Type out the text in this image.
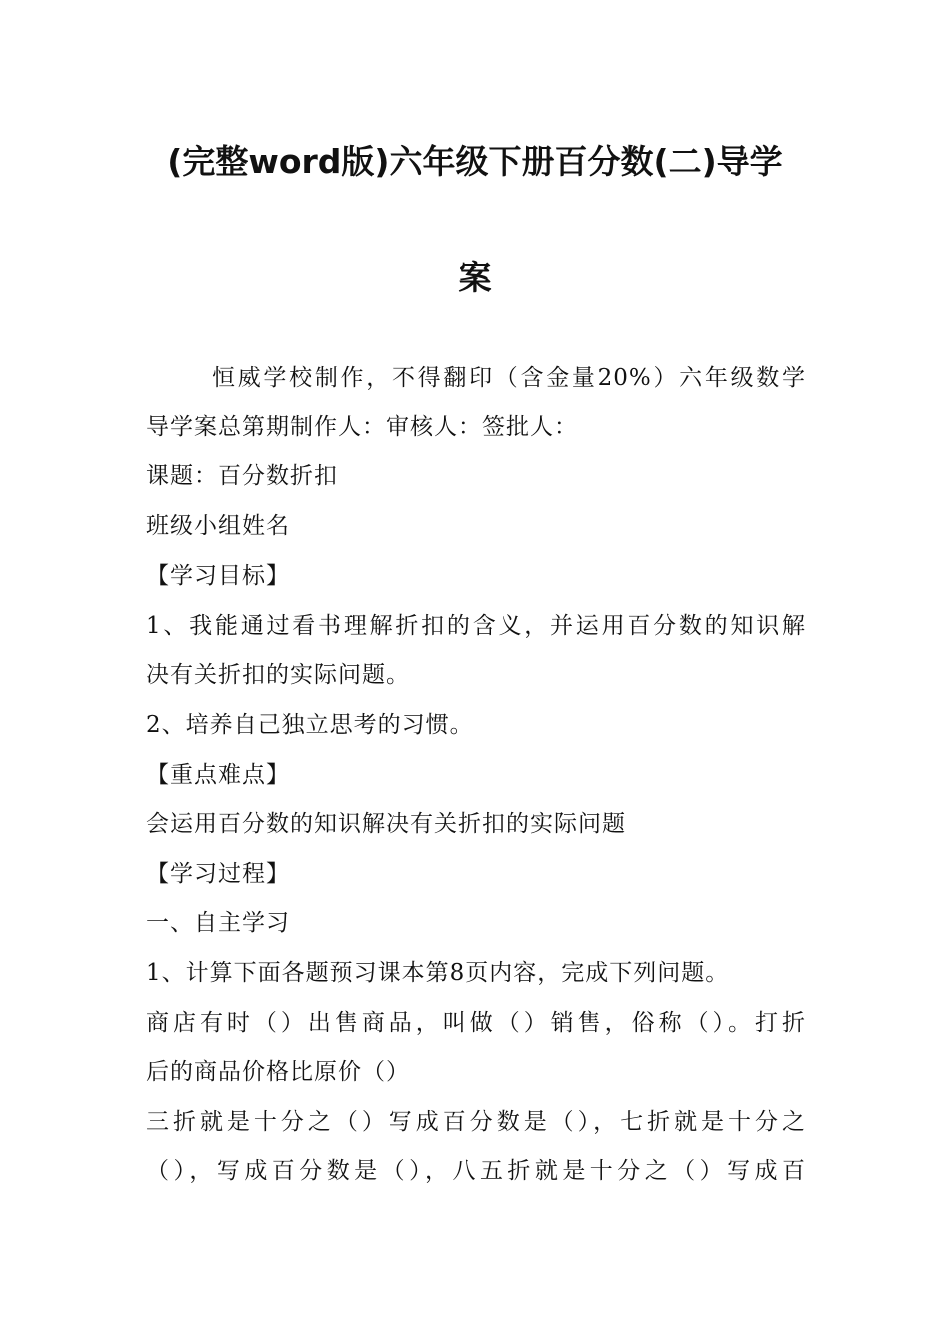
(完整word版)六年级下册百分数(二)导学
案
恒威学校制作，不得翻印（含金量20%）六年级数学
导学案总第期制作人：审核人：签批人：
课题：百分数折扣
班级小组姓名
【学习目标】
1、我能通过看书理解折扣的含义，并运用百分数的知识解
决有关折扣的实际问题。
2、培养自己独立思考的习惯。
【重点难点】
会运用百分数的知识解决有关折扣的实际问题
【学习过程】
一、自主学习
1、计算下面各题预习课本第8页内容，完成下列问题。
商店有时（）出售商品，叫做（）销售，俗称（）。打折
后的商品价格比原价（）
三折就是十分之（）写成百分数是（），七折就是十分之
（），写成百分数是（），八五折就是十分之（）写成百
